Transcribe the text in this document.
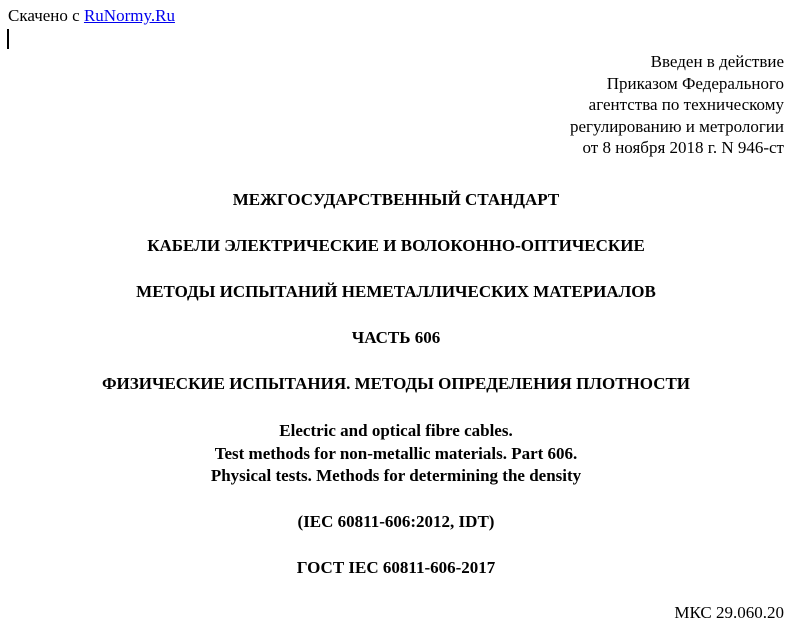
Скачено с RuNormy.Ru
Введен в действие
Приказом Федерального
агентства по техническому
регулированию и метрологии
от 8 ноября 2018 г. N 946-ст
МЕЖГОСУДАРСТВЕННЫЙ СТАНДАРТ
КАБЕЛИ ЭЛЕКТРИЧЕСКИЕ И ВОЛОКОННО-ОПТИЧЕСКИЕ
МЕТОДЫ ИСПЫТАНИЙ НЕМЕТАЛЛИЧЕСКИХ МАТЕРИАЛОВ
ЧАСТЬ 606
ФИЗИЧЕСКИЕ ИСПЫТАНИЯ. МЕТОДЫ ОПРЕДЕЛЕНИЯ ПЛОТНОСТИ
Electric and optical fibre cables.
Test methods for non-metallic materials. Part 606.
Physical tests. Methods for determining the density
(IEC 60811-606:2012, IDT)
ГОСТ IEC 60811-606-2017
МКС 29.060.20
